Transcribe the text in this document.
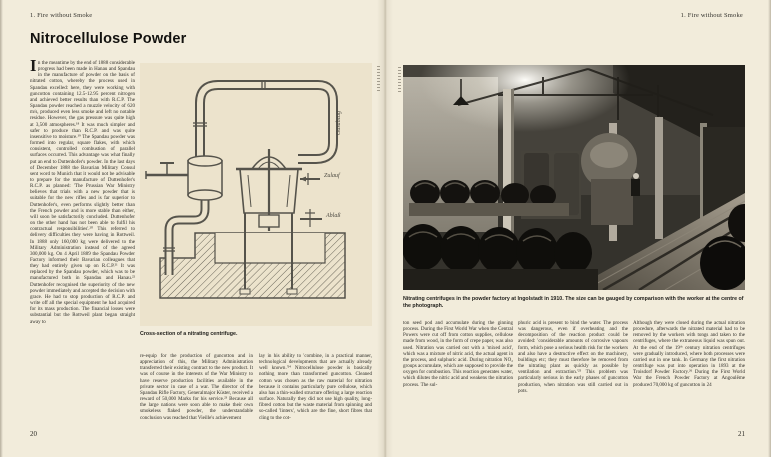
1. Fire without Smoke
Nitrocellulose Powder
In the meantime by the end of 1888 considerable progress had been made in Hanau and Spandau in the manufacture of powder on the basis of nitrated cotton, whereby the process used in Spandau excelled: here, they were working with guncotton containing 12.5-12.95 percent nitrogen and achieved better results than with R.C.P. The Spandau powder reached a muzzle velocity of 620 m/s, produced even less smoke and left no notable residue. However, the gas pressure was quite high at 3,500 atmospheres.¹⁸ It was much simpler and safer to produce than R.C.P. and was quite insensitive to moisture.¹⁹ The Spandau powder was formed into regular, square flakes, with which consistent, controlled combustion of parallel surfaces occurred. This advantage was what finally put an end to Duttenhofer's powder. In the last days of December 1888 the Bavarian Military Consul sent word to Munich that it would not be advisable to prepare for the manufacture of Duttenhofer's R.C.P. as planned: 'The Prussian War Ministry believes that trials with a new powder that is suitable for the new rifles and is far superior to Duttenhofer's, even performs slightly better than the French powder and is more stable than either, will soon be satisfactorily concluded. Duttenhofer on the other hand has not been able to fulfil his contractual responsibilities'.²⁰ This referred to delivery difficulties they were having in Rottweil. In 1888 only 160,000 kg were delivered to the Military Administration instead of the agreed 300,000 kg. On 4 April 1889 the Spandau Powder Factory informed their Bavarian colleagues that they had entirely given up on R.C.P.²¹ It was replaced by the Spandau powder, which was to be manufactured both in Spandau and Hanau.²² Duttenhofer recognised the superiority of the new powder immediately and accepted the decision with grace. He had to stop production of R.C.P. and write off all the special equipment he had acquired for its mass production. The financial losses were substantial but the Rottweil plant began straight away to
Gasabzug
Zulauf
Ablaß
Cross-section of a nitrating centrifuge.
re-equip for the production of guncotton and in appreciation of this, the Military Administration transferred their existing contract to the new product. It was of course in the interests of the War Ministry to have reserve production facilities available in the private sector in case of a war. The director of the Spandau Rifle Factory, Generalmajor Küster, received a reward of 50,000 Marks for his service.²³ Because all the large nations were soon able to make their own smokeless flaked powder, the understandable conclusion was reached that Vieille's achievement
lay in his ability to 'combine, in a practical manner, technological developments that are actually already well known.'²⁴ Nitrocellulose powder is basically nothing more than transformed guncotton. Cleaned cotton was chosen as the raw material for nitration because it contains particularly pure cellulose, which also has a thin-walled structure offering a large reaction surface. Naturally they did not use high quality, long-fibred cotton but the waste material from spinning and so-called 'linters', which are the fine, short fibres that cling to the cot-
20
1. Fire without Smoke
Nitrating centrifuges in the powder factory at Ingolstadt in 1910. The size can be gauged by comparison with the worker at the centre of the photograph.
ton seed pod and accumulate during the ginning process. During the First World War when the Central Powers were cut off from cotton supplies, cellulose made from wood, in the form of crepe paper, was also used. Nitration was carried out with a 'mixed acid', which was a mixture of nitric acid, the actual agent in the process, and sulphuric acid. During nitration NO₂ groups accumulate, which are supposed to provide the oxygen for combustion. This reaction generates water, which dilutes the nitric acid and weakens the nitration process. The sul-
phuric acid is present to bind the water. The process was dangerous, even if overheating and the decomposition of the reaction product could be avoided: 'considerable amounts of corrosive vapours form, which pose a serious health risk for the workers and also have a destructive effect on the machinery, buildings etc; they must therefore be removed from the nitrating plant as quickly as possible by ventilation and extraction.'²⁵ This problem was particularly serious in the early phases of guncotton production, when nitration was still carried out in pots.
Although they were closed during the actual nitration procedure, afterwards the nitrated material had to be removed by the workers with tongs and taken to the centrifuges, where the extraneous liquid was spun out. At the end of the 19ᵗʰ century nitration centrifuges were gradually introduced, where both processes were carried out in one tank. In Germany the first nitration centrifuge was put into operation in 1893 at the Troisdorf Powder Factory.²⁶ During the First World War the French Powder Factory at Angoulême produced 70,000 kg of guncotton in 24
21
